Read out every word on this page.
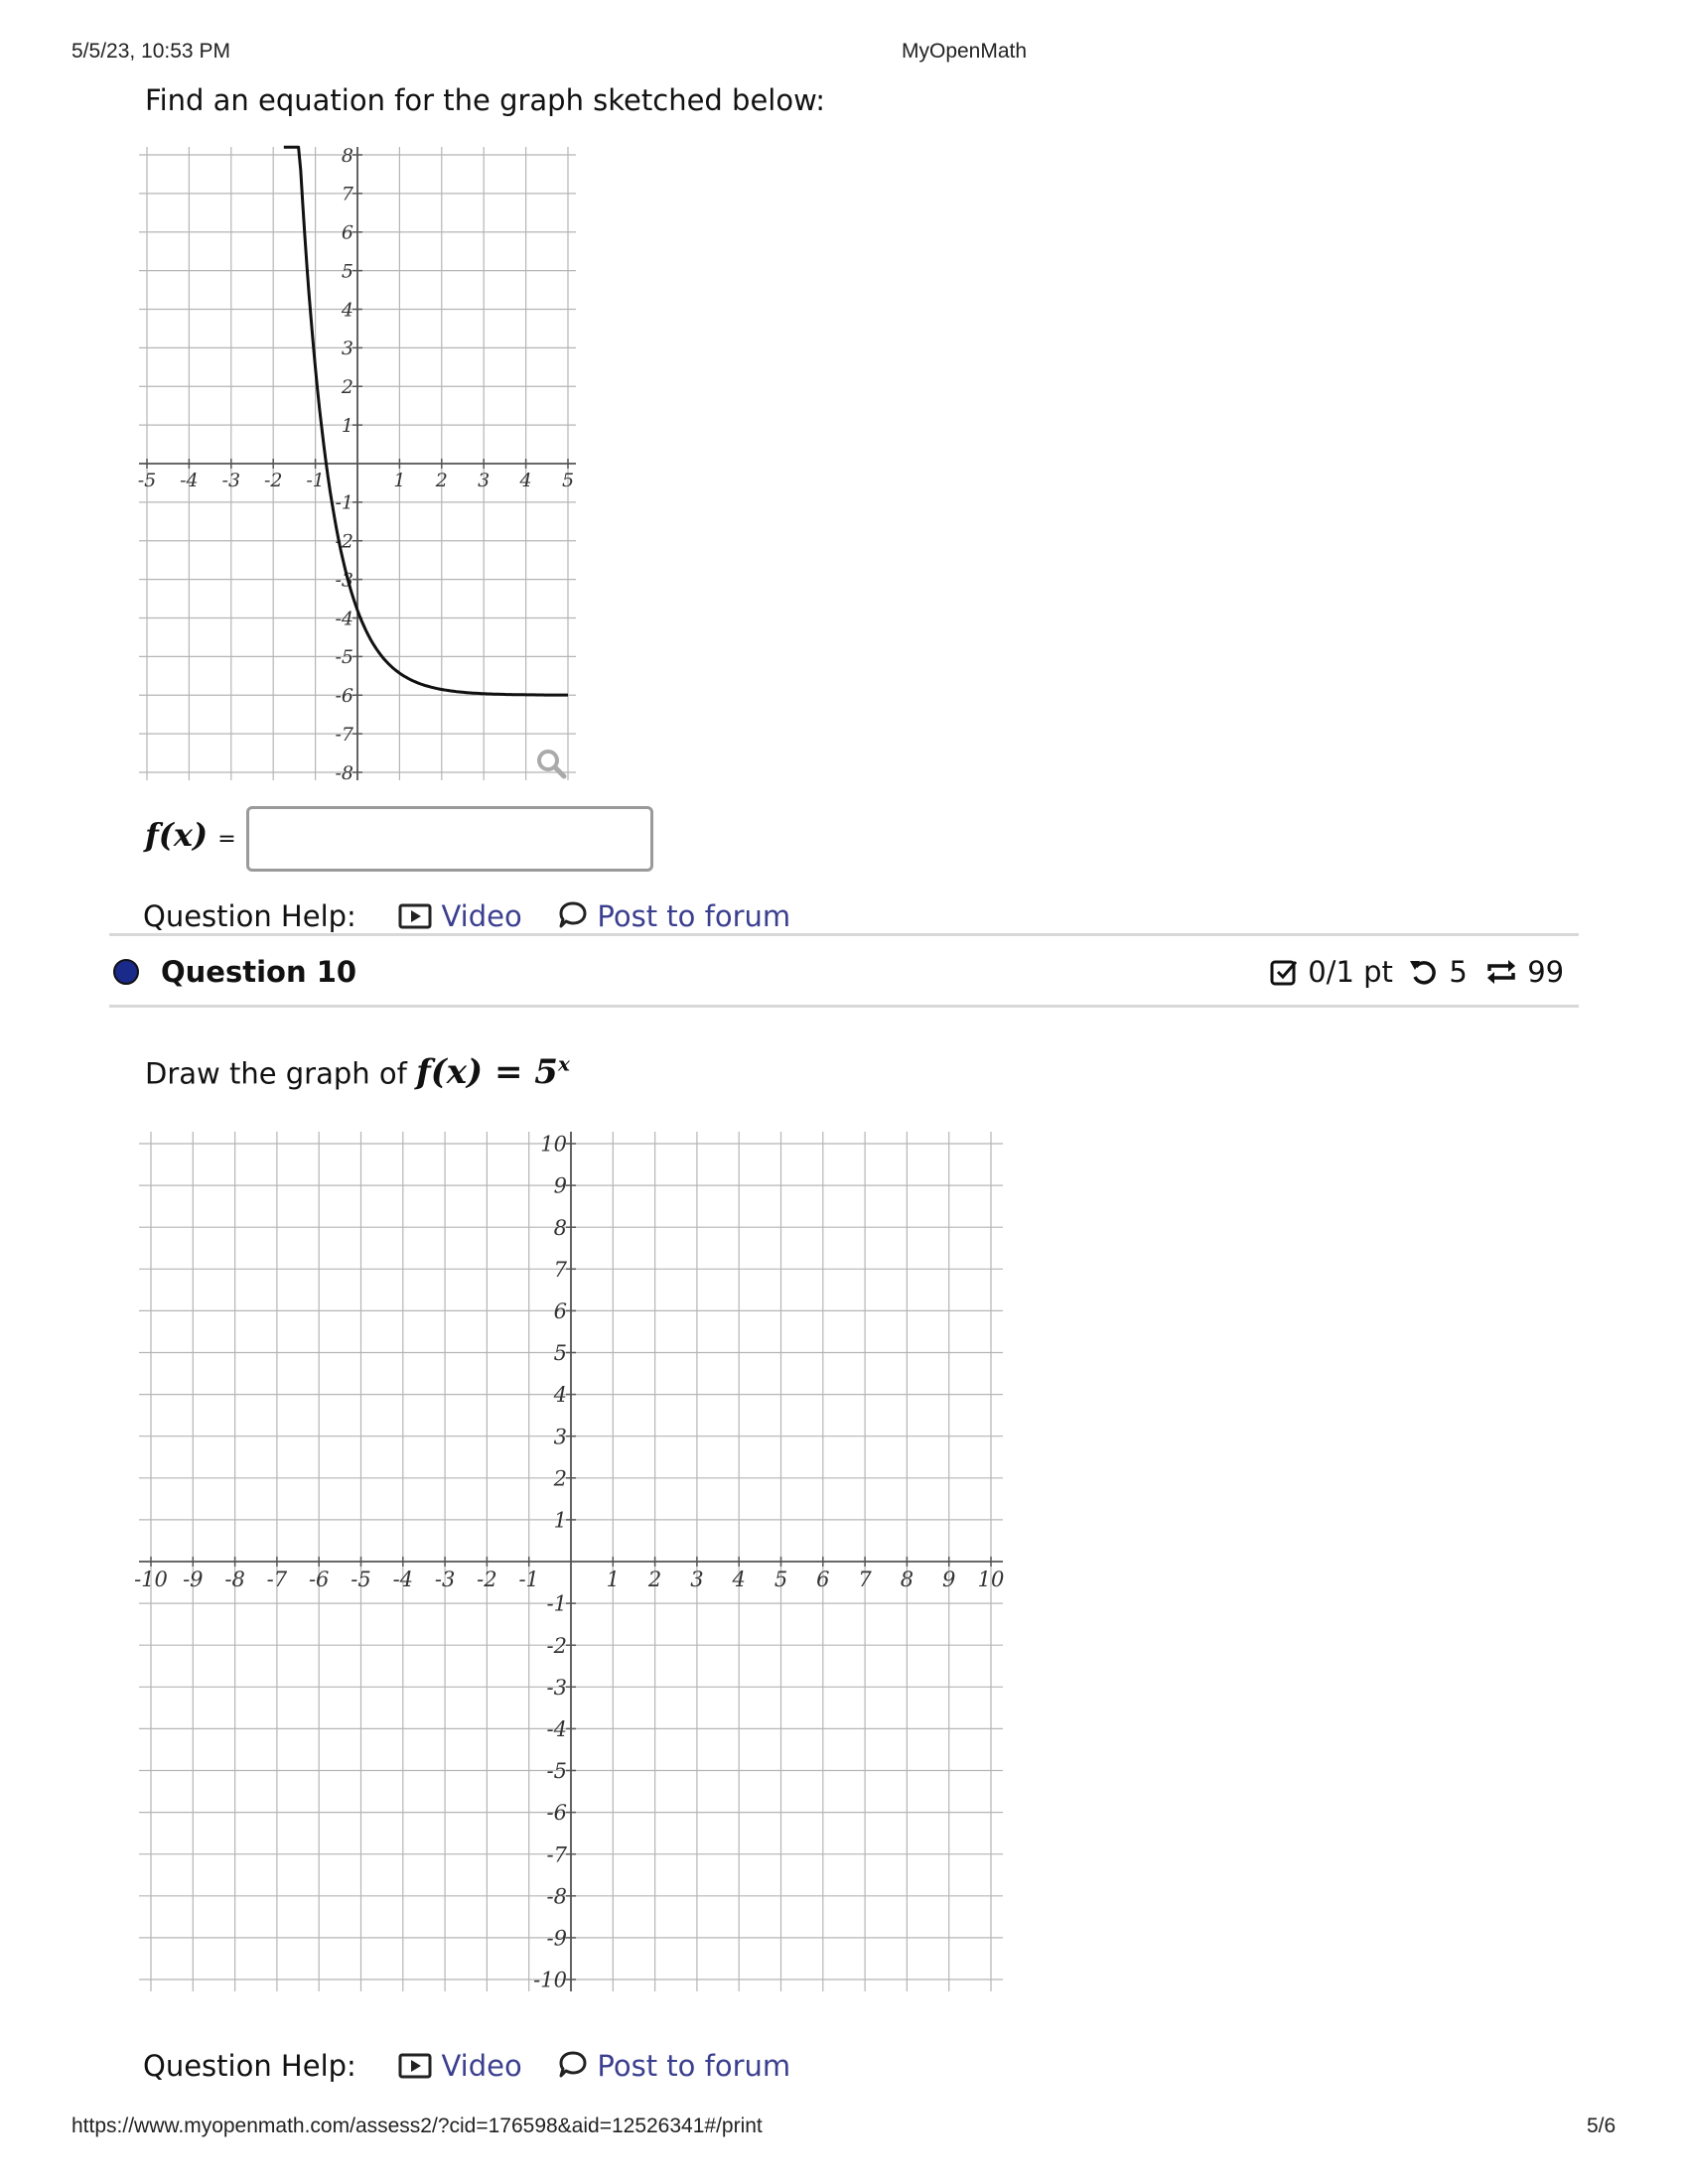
5/5/23, 10:53 PM	MyOpenMath
Find an equation for the graph sketched below:
-5 -4 -3 -2 -1	1 2 3 4 5
8
7
6
5
4
3
2
1
-1
-2
-3
-4
-5
-6
-7
-8
f(x) =
Question Help:	Video	Post to forum
Question 10	0/1 pt 5 99
Draw the graph of $f(x) = 5^x$
-10 -9 -8 -7 -6 -5 -4 -3 -2 -1	1 2 3 4 5 6 7 8 9 10
10
9
8
7
6
5
4
3
2
1
-1
-2
-3
-4
-5
-6
-7
-8
-9
-10
Question Help:	Video	Post to forum
https://www.myopenmath.com/assess2/?cid=176598&aid=12526341#/print	5/6
